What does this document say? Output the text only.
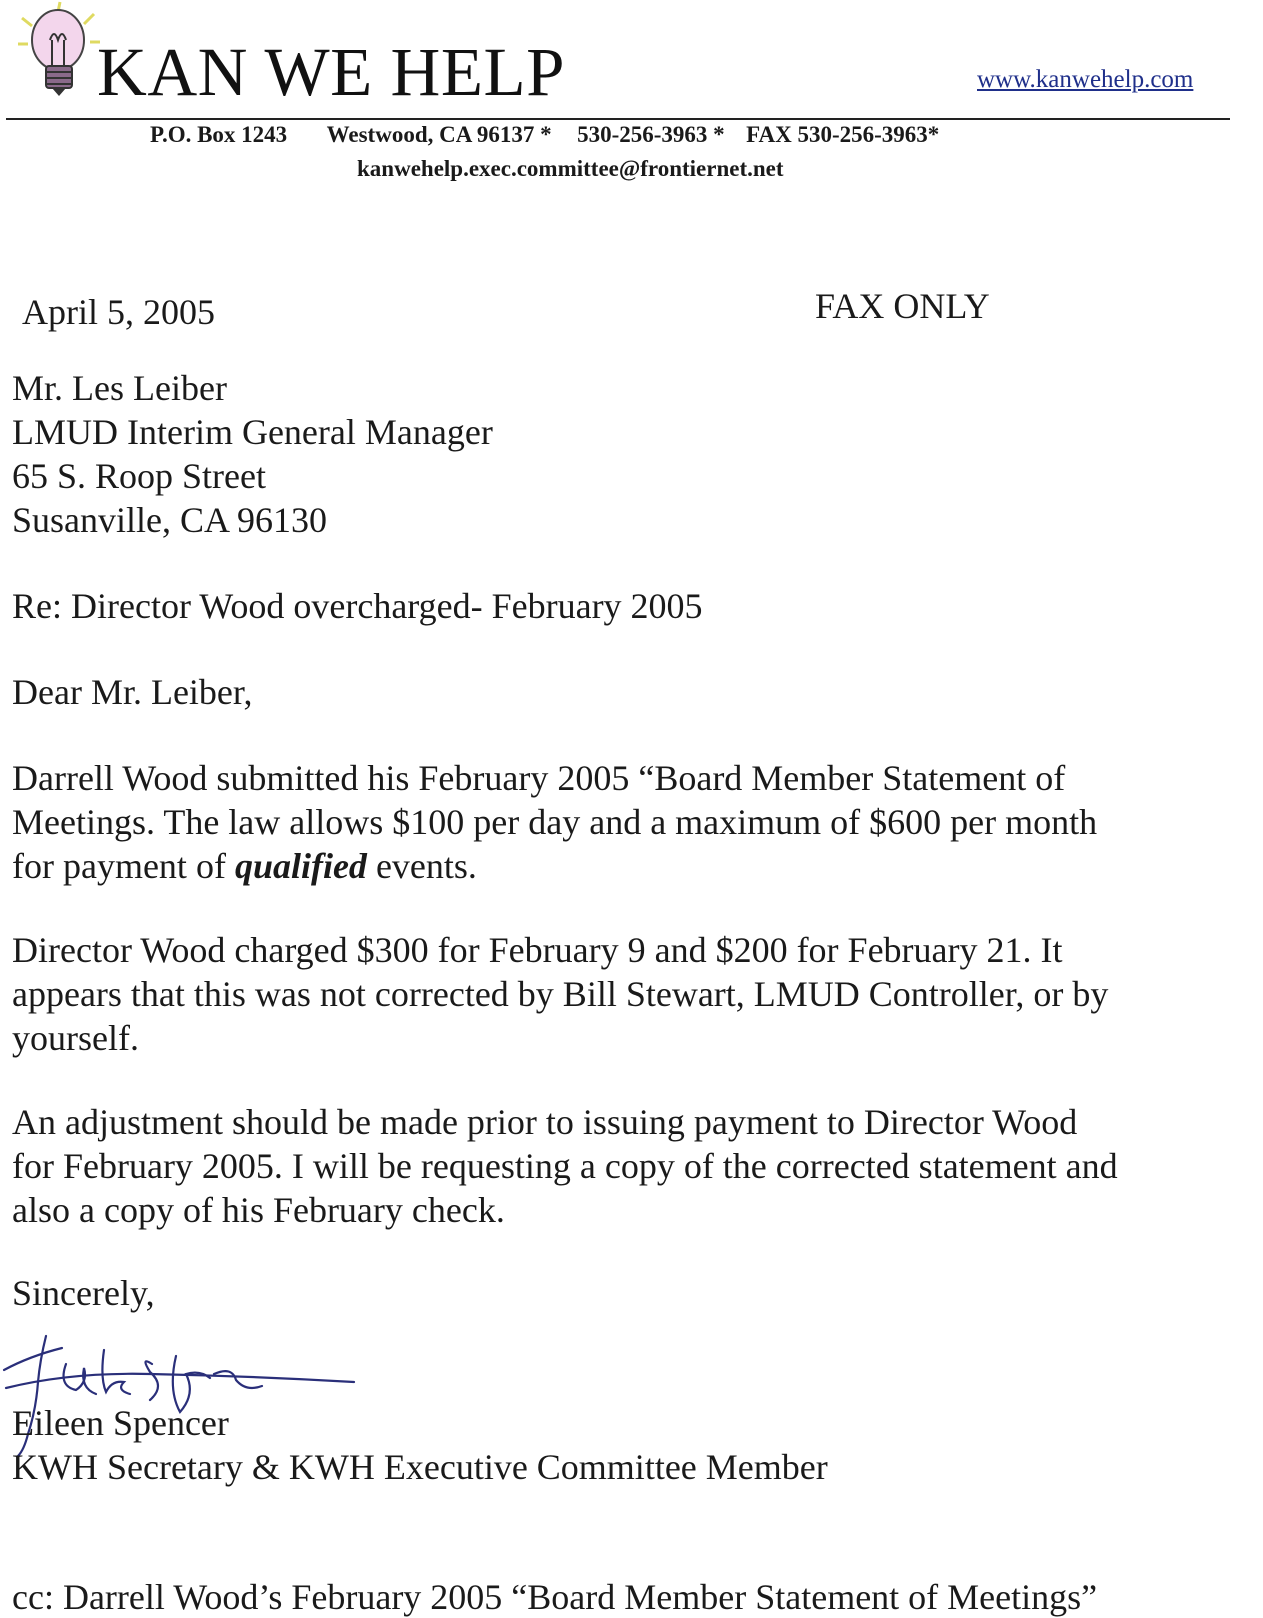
KAN WE HELP	www.kanwehelp.com
P.O. Box 1243 Westwood, CA 96137 * 530-256-3963 * FAX 530-256-3963*
kanwehelp.exec.committee@frontiernet.net
April 5, 2005	FAX ONLY
Mr. Les Leiber
LMUD Interim General Manager
65 S. Roop Street
Susanville, CA 96130
Re: Director Wood overcharged- February 2005
Dear Mr. Leiber,
Darrell Wood submitted his February 2005 “Board Member Statement of
Meetings. The law allows $100 per day and a maximum of $600 per month
for payment of qualified events.
Director Wood charged $300 for February 9 and $200 for February 21. It
appears that this was not corrected by Bill Stewart, LMUD Controller, or by
yourself.
An adjustment should be made prior to issuing payment to Director Wood
for February 2005. I will be requesting a copy of the corrected statement and
also a copy of his February check.
Sincerely,
Eileen Spencer
KWH Secretary & KWH Executive Committee Member
cc: Darrell Wood’s February 2005 “Board Member Statement of Meetings”
